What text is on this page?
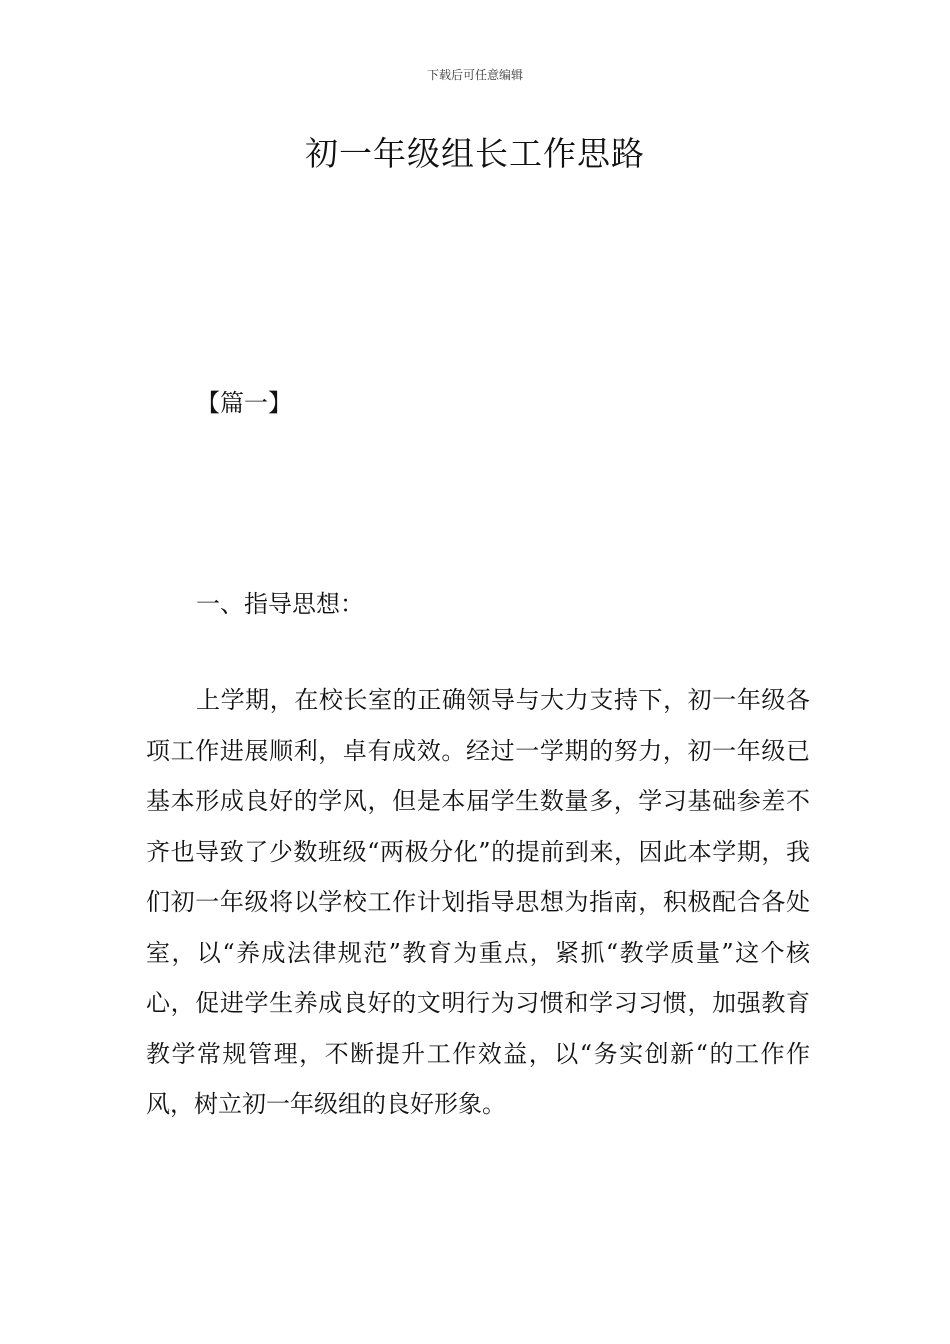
下载后可任意编辑
初一年级组长工作思路
【篇一】
一、指导思想：

上学期，在校长室的正确领导与大力支持下，初一年级各项工作进展顺利，卓有成效。经过一学期的努力，初一年级已基本形成良好的学风，但是本届学生数量多，学习基础参差不齐也导致了少数班级“两极分化”的提前到来，因此本学期，我们初一年级将以学校工作计划指导思想为指南，积极配合各处室，以“养成法律规范”教育为重点，紧抓“教学质量”这个核心，促进学生养成良好的文明行为习惯和学习习惯，加强教育教学常规管理，不断提升工作效益，以“务实创新“的工作作风，树立初一年级组的良好形象。
